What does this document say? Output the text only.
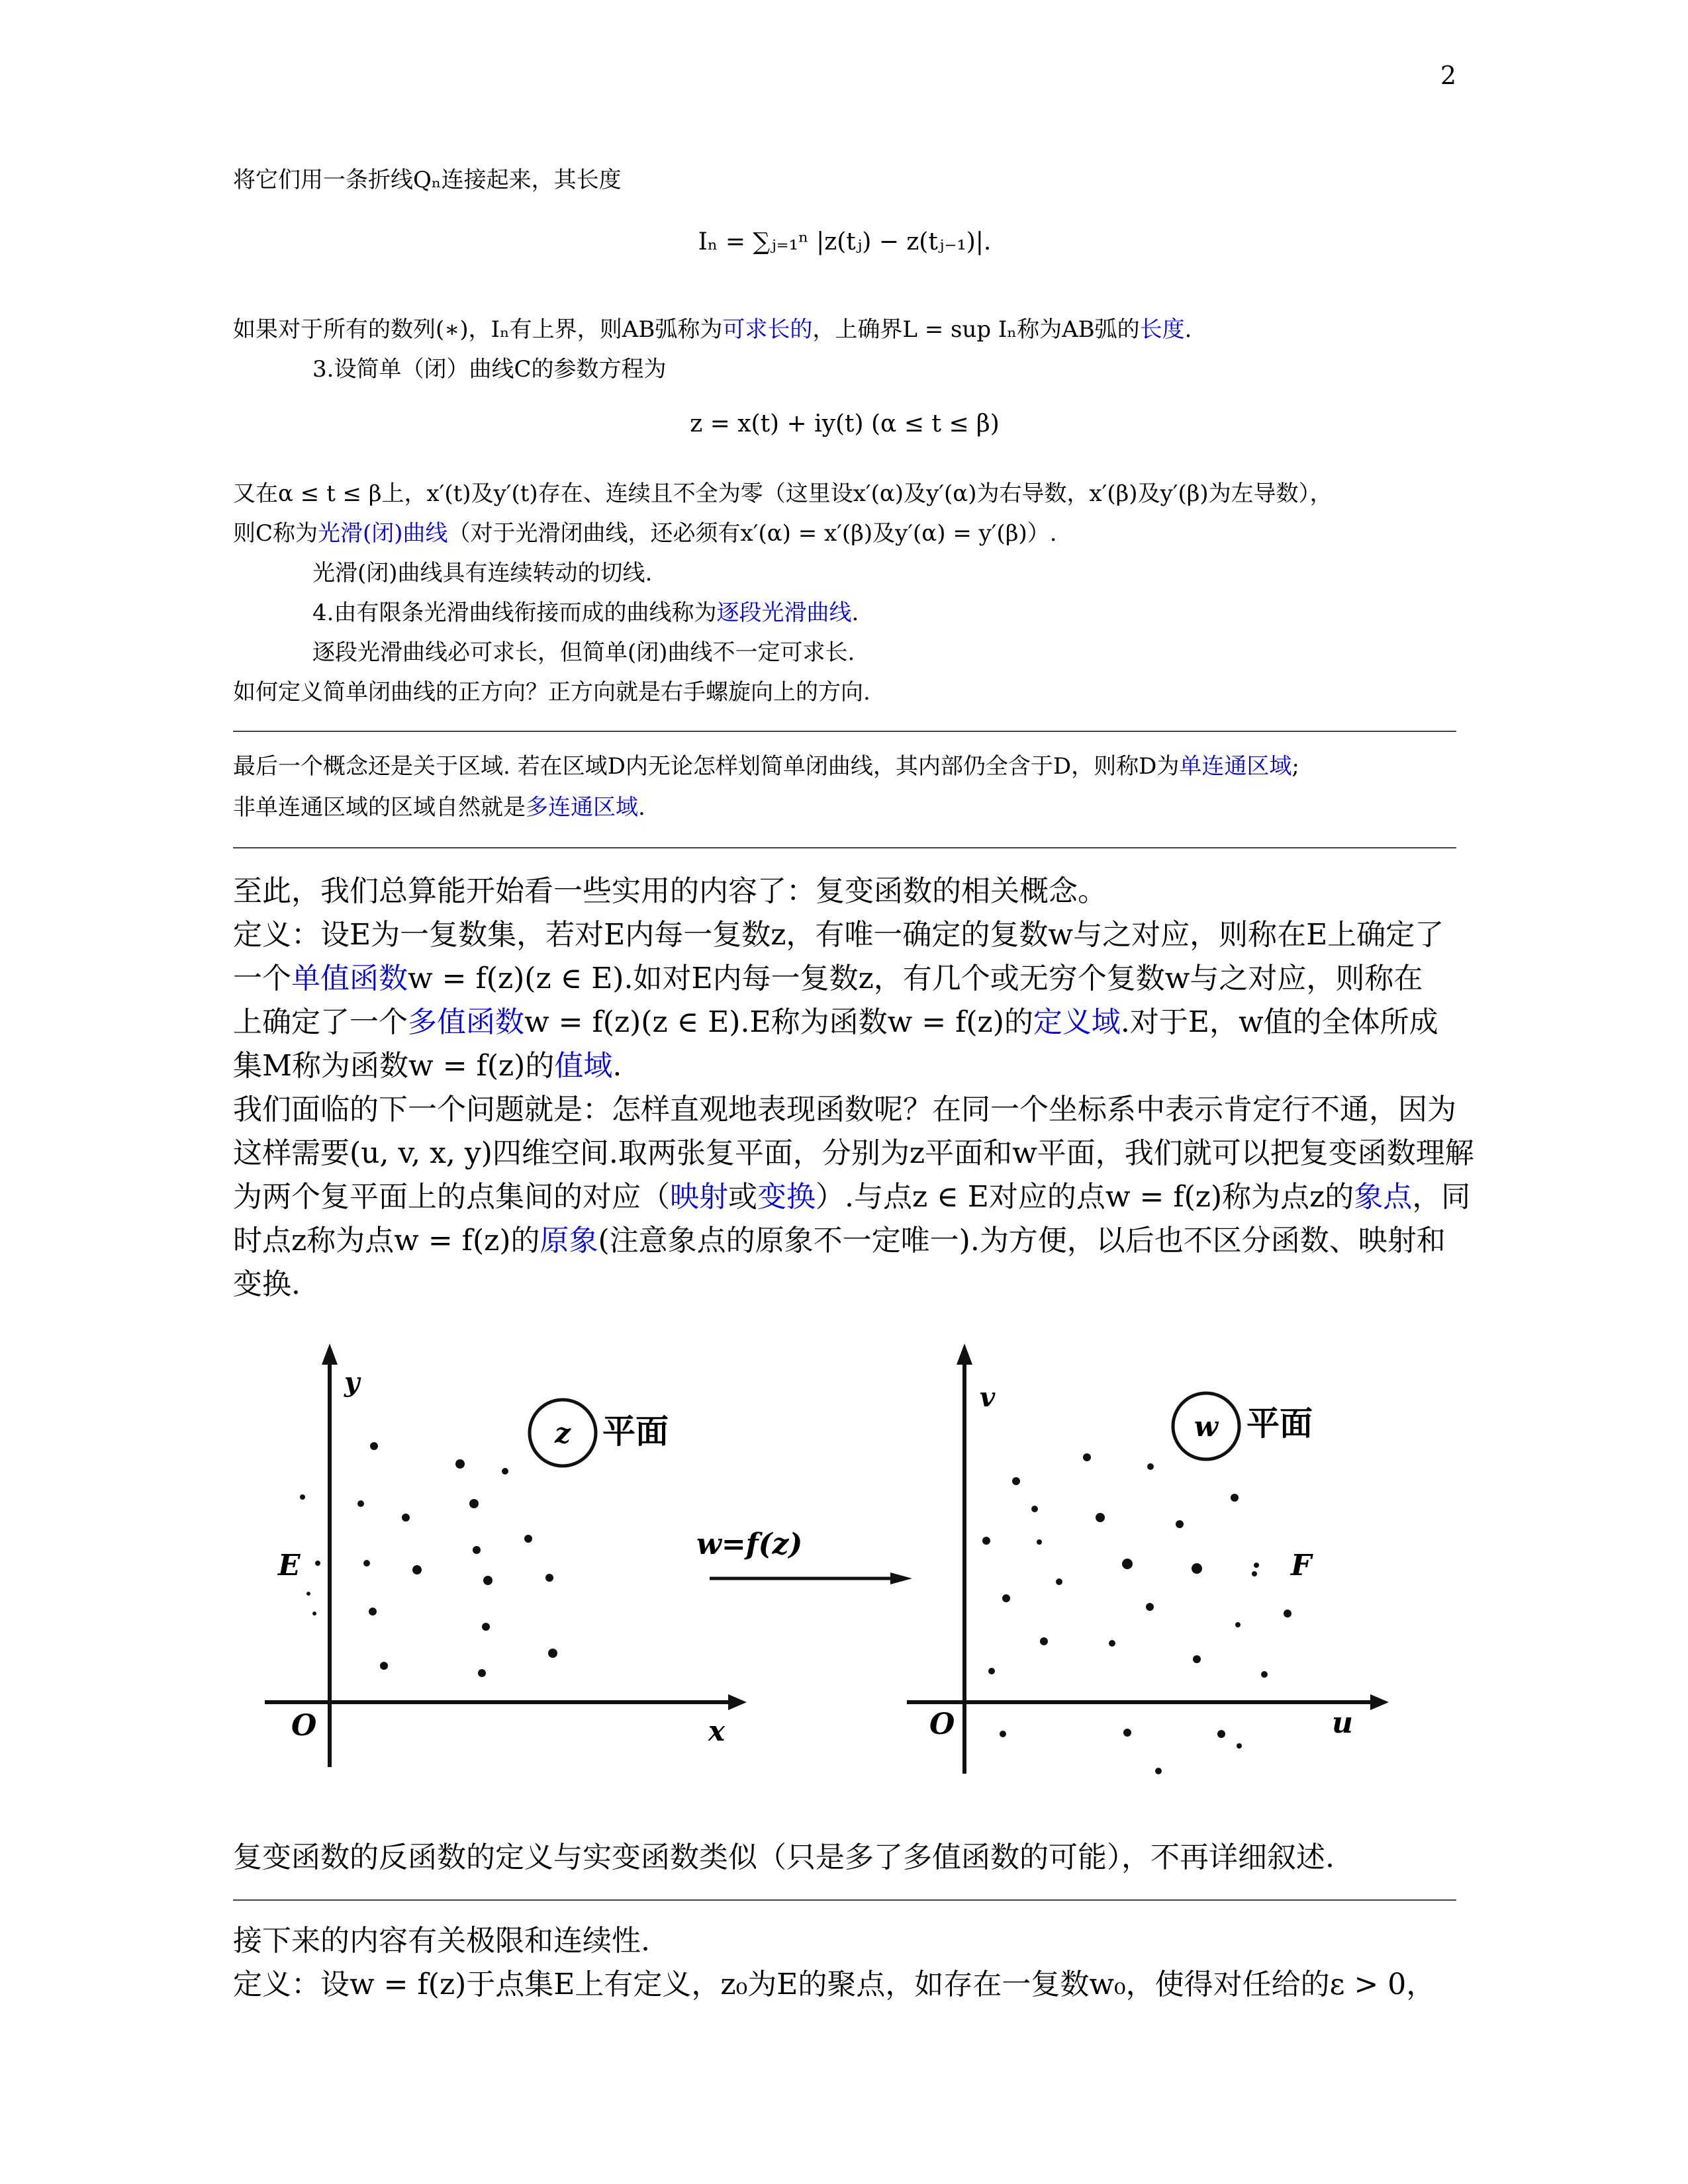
2
将它们用一条折线Qₙ连接起来，其长度
Iₙ = ∑ⱼ₌₁ⁿ |z(tⱼ) − z(tⱼ₋₁)|.
如果对于所有的数列(∗)，Iₙ有上界，则AB弧称为可求长的，上确界L = sup Iₙ称为AB弧的长度.
3.设简单（闭）曲线C的参数方程为
z = x(t) + iy(t) (α ≤ t ≤ β)
又在α ≤ t ≤ β上，x′(t)及y′(t)存在、连续且不全为零（这里设x′(α)及y′(α)为右导数，x′(β)及y′(β)为左导数），
则C称为光滑(闭)曲线（对于光滑闭曲线，还必须有x′(α) = x′(β)及y′(α) = y′(β)）.
光滑(闭)曲线具有连续转动的切线.
4.由有限条光滑曲线衔接而成的曲线称为逐段光滑曲线.
逐段光滑曲线必可求长，但简单(闭)曲线不一定可求长.
如何定义简单闭曲线的正方向？正方向就是右手螺旋向上的方向.
最后一个概念还是关于区域. 若在区域D内无论怎样划简单闭曲线，其内部仍全含于D，则称D为单连通区域;
非单连通区域的区域自然就是多连通区域.
至此，我们总算能开始看一些实用的内容了：复变函数的相关概念。
定义：设E为一复数集，若对E内每一复数z，有唯一确定的复数w与之对应，则称在E上确定了
一个单值函数w = f(z)(z ∈ E).如对E内每一复数z，有几个或无穷个复数w与之对应，则称在
上确定了一个多值函数w = f(z)(z ∈ E).E称为函数w = f(z)的定义域.对于E，w值的全体所成
集M称为函数w = f(z)的值域.
我们面临的下一个问题就是：怎样直观地表现函数呢？在同一个坐标系中表示肯定行不通，因为
这样需要(u, v, x, y)四维空间.取两张复平面，分别为z平面和w平面，我们就可以把复变函数理解
为两个复平面上的点集间的对应（映射或变换）.与点z ∈ E对应的点w = f(z)称为点z的象点，同
时点z称为点w = f(z)的原象(注意象点的原象不一定唯一).为方便，以后也不区分函数、映射和
变换.
复变函数的反函数的定义与实变函数类似（只是多了多值函数的可能），不再详细叙述.
接下来的内容有关极限和连续性.
定义：设w = f(z)于点集E上有定义，z₀为E的聚点，如存在一复数w₀，使得对任给的ε > 0，
y
x
O
E
z 平面
w=f(z)
v
u
O
F
w 平面
